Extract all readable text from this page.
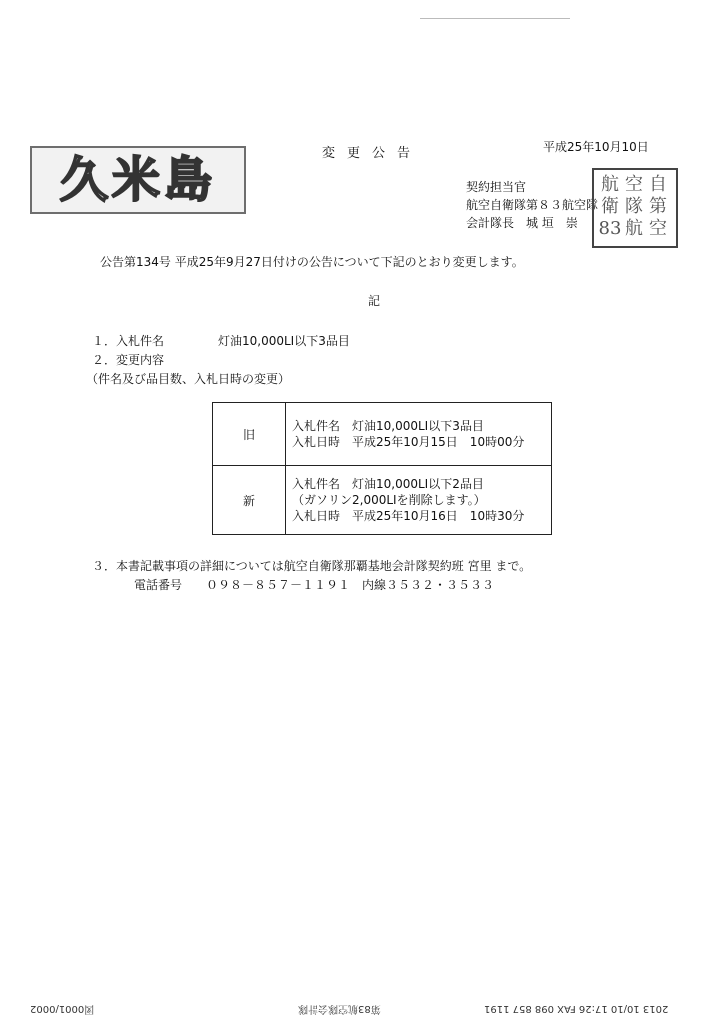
久米島	変更公告	平成25年10月10日
契約担当官
航空自衛隊第８３航空隊
会計隊長　城 垣　崇
航 空 自
衛 隊 第
83 航 空
公告第134号 平成25年9月27日付けの公告について下記のとおり変更します。
記
１．入札件名	灯油10,000LI以下3品目
２．変更内容
（件名及び品目数、入札日時の変更）
旧	入札件名　灯油10,000LI以下3品目
入札日時　平成25年10月15日　10時00分

新	入札件名　灯油10,000LI以下2品目
（ガソリン2,000LIを削除します。）
入札日時　平成25年10月16日　10時30分
３．本書記載事項の詳細については航空自衛隊那覇基地会計隊契約班 宮里 まで。
電話番号 ０９８－８５７－１１９１　内線３５３２・３５３３
2013 10/10 17:26 FAX 098 857 1191
第83航空隊会計隊
図0001/0002
